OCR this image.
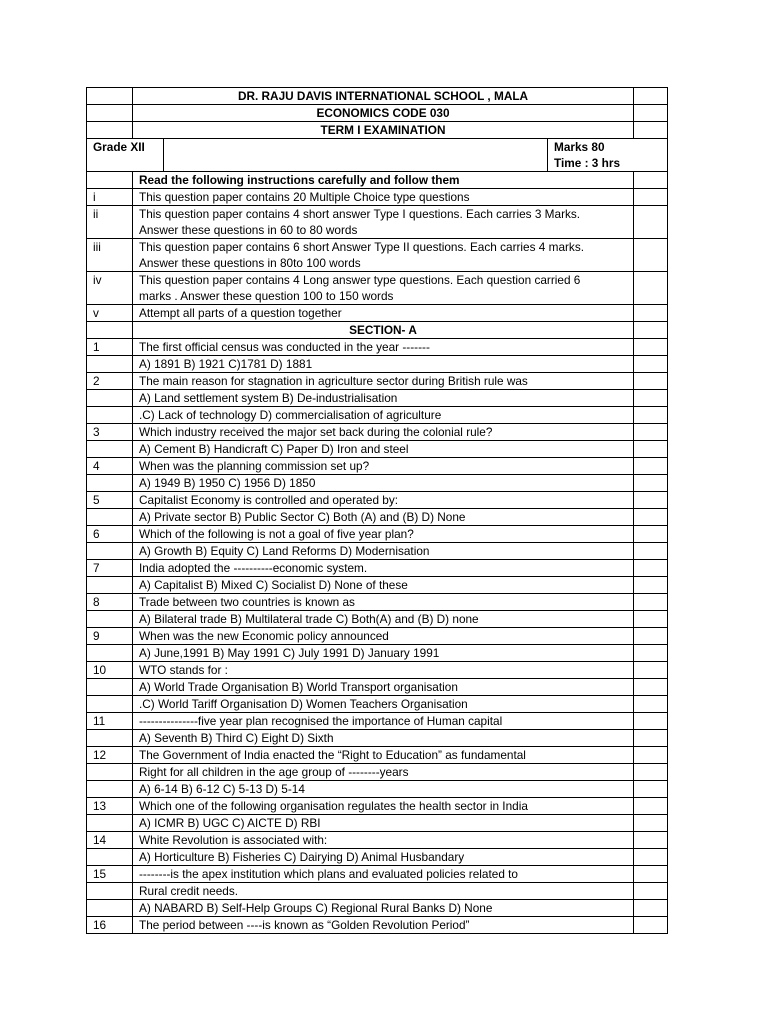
	DR. RAJU DAVIS INTERNATIONAL SCHOOL , MALA			
	ECONOMICS CODE 030			
	TERM I EXAMINATION			
Grade XII			Marks 80
Time : 3 hrs	

	Read the following instructions carefully and follow them			
i	This question paper contains 20 Multiple Choice type questions			

ii	This question paper contains 4 short answer Type I questions. Each carries 3 Marks.
Answer these questions in 60 to 80 words			

iii	This question paper contains 6 short Answer Type II questions. Each carries 4 marks.
Answer these questions in 80to 100 words			

iv	This question paper contains 4 Long answer type questions. Each question carried 6
marks . Answer these question 100 to 150 words			

v	Attempt all parts of a question together			

	SECTION- A			
1	The first official census was conducted in the year -------			
	A) 1891 B) 1921 C)1781 D) 1881			
2	The main reason for stagnation in agriculture sector during British rule was			
	A) Land settlement system B) De-industrialisation			
	.C) Lack of technology D) commercialisation of agriculture			
3	Which industry received the major set back during the colonial rule?			
	A) Cement B) Handicraft C) Paper D) Iron and steel			
4	When was the planning commission set up?			
	A) 1949 B) 1950 C) 1956 D) 1850			
5	Capitalist Economy is controlled and operated by:			
	A) Private sector B) Public Sector C) Both (A) and (B) D) None			
6	Which of the following is not a goal of five year plan?			
	A) Growth B) Equity C) Land Reforms D) Modernisation			
7	India adopted the ----------economic system.			
	A) Capitalist B) Mixed C) Socialist D) None of these			
8	Trade between two countries is known as			
	A) Bilateral trade B) Multilateral trade C) Both(A) and (B) D) none			
9	When was the new Economic policy announced			
	A) June,1991 B) May 1991 C) July 1991 D) January 1991			
10	WTO stands for :			
	A) World Trade Organisation B) World Transport organisation			
	.C) World Tariff Organisation D) Women Teachers Organisation			
11	---------------five year plan recognised the importance of Human capital			
	A) Seventh B) Third C) Eight D) Sixth			
12	The Government of India enacted the “Right to Education” as fundamental			
	Right for all children in the age group of --------years			
	A) 6-14 B) 6-12 C) 5-13 D) 5-14			
13	Which one of the following organisation regulates the health sector in India			
	A) ICMR B) UGC C) AICTE D) RBI			
14	White Revolution is associated with:			
	A) Horticulture B) Fisheries C) Dairying D) Animal Husbandary			
15	--------is the apex institution which plans and evaluated policies related to			
	Rural credit needs.			
	A) NABARD B) Self-Help Groups C) Regional Rural Banks D) None			
16	The period between ----is known as “Golden Revolution Period”			
